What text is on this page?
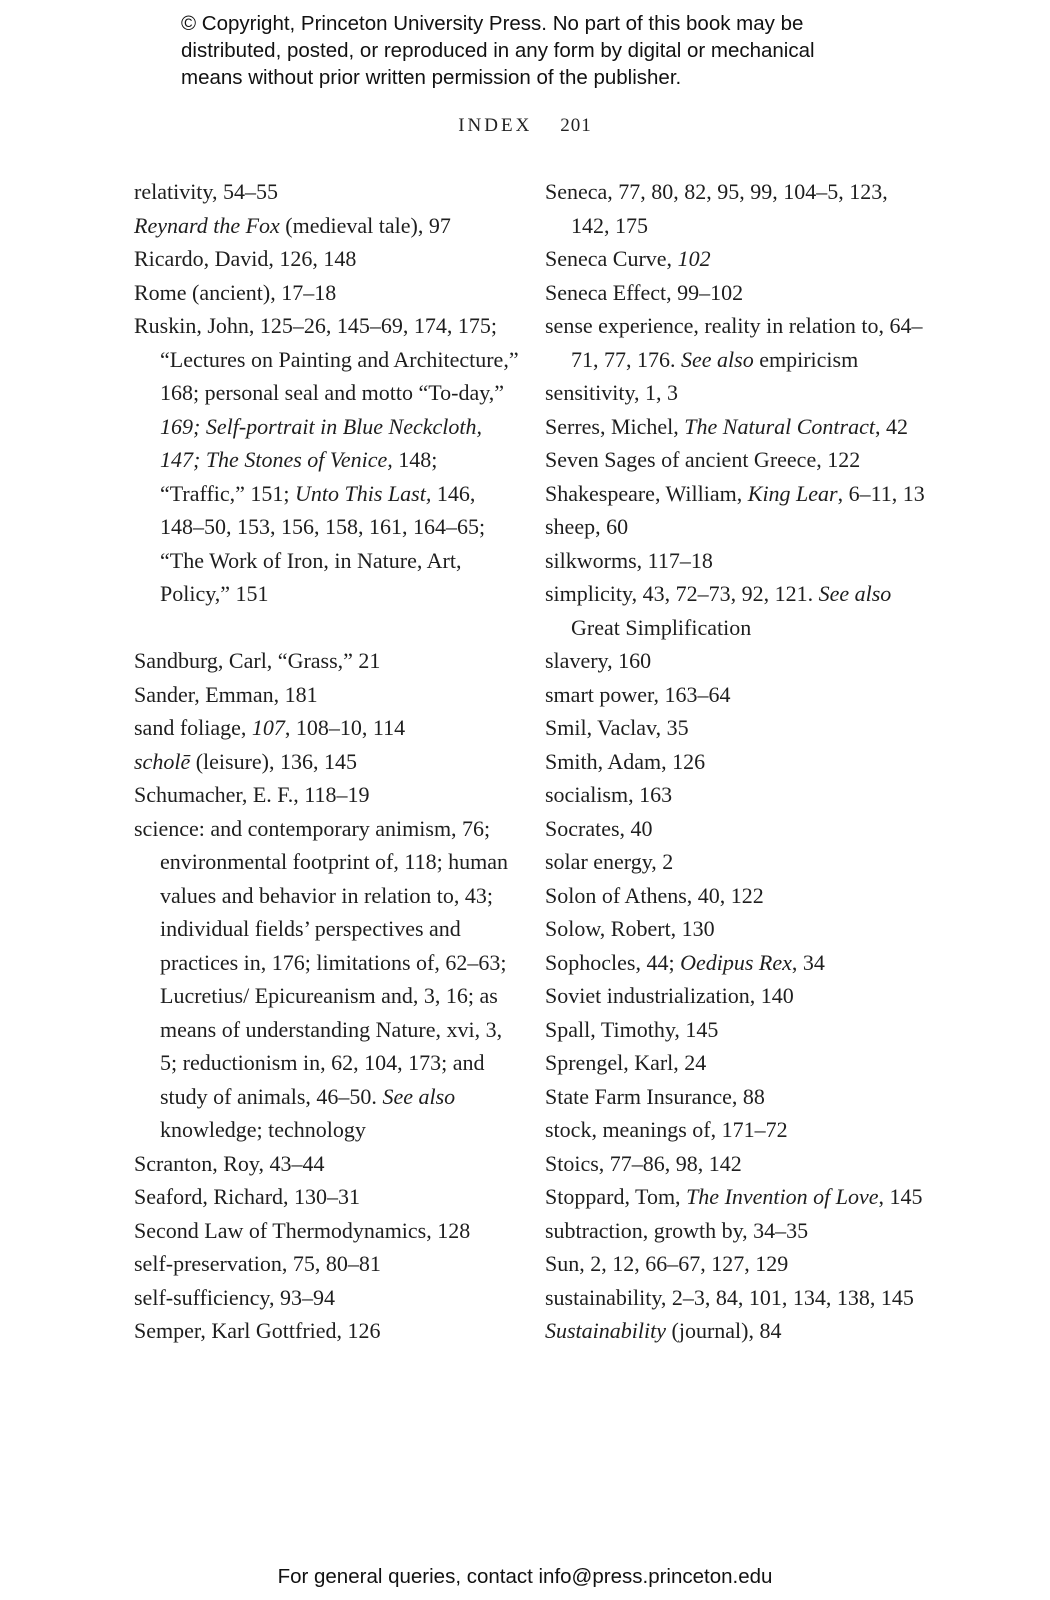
© Copyright, Princeton University Press. No part of this book may be
distributed, posted, or reproduced in any form by digital or mechanical
means without prior written permission of the publisher.
INDEX 201

relativity, 54–55

Reynard the Fox (medieval tale), 97

Ricardo, David, 126, 148

Rome (ancient), 17–18

Ruskin, John, 125–26, 145–69, 174, 175; “Lectures on Painting and Architecture,” 168; personal seal and motto “To-day,” 169; Self-portrait in Blue Neckcloth, 147; The Stones of Venice, 148; “Traffic,” 151; Unto This Last, 146, 148–50, 153, 156, 158, 161, 164–65; “The Work of Iron, in Nature, Art, Policy,” 151

Sandburg, Carl, “Grass,” 21

Sander, Emman, 181

sand foliage, 107, 108–10, 114

scholē (leisure), 136, 145

Schumacher, E. F., 118–19

science: and contemporary animism, 76; environmental footprint of, 118; human values and behavior in relation to, 43; individual fields’ perspectives and practices in, 176; limitations of, 62–63; Lucretius/ Epicureanism and, 3, 16; as means of understanding Nature, xvi, 3, 5; reductionism in, 62, 104, 173; and study of animals, 46–50. See also knowledge; technology

Scranton, Roy, 43–44

Seaford, Richard, 130–31

Second Law of Thermodynamics, 128

self-preservation, 75, 80–81

self-sufficiency, 93–94

Semper, Karl Gottfried, 126

Seneca, 77, 80, 82, 95, 99, 104–5, 123, 142, 175

Seneca Curve, 102

Seneca Effect, 99–102

sense experience, reality in relation to, 64–71, 77, 176. See also empiricism

sensitivity, 1, 3

Serres, Michel, The Natural Contract, 42

Seven Sages of ancient Greece, 122

Shakespeare, William, King Lear, 6–11, 13

sheep, 60

silkworms, 117–18

simplicity, 43, 72–73, 92, 121. See also Great Simplification

slavery, 160

smart power, 163–64

Smil, Vaclav, 35

Smith, Adam, 126

socialism, 163

Socrates, 40

solar energy, 2

Solon of Athens, 40, 122

Solow, Robert, 130

Sophocles, 44; Oedipus Rex, 34

Soviet industrialization, 140

Spall, Timothy, 145

Sprengel, Karl, 24

State Farm Insurance, 88

stock, meanings of, 171–72

Stoics, 77–86, 98, 142

Stoppard, Tom, The Invention of Love, 145

subtraction, growth by, 34–35

Sun, 2, 12, 66–67, 127, 129

sustainability, 2–3, 84, 101, 134, 138, 145

Sustainability (journal), 84

For general queries, contact info@press.princeton.edu
